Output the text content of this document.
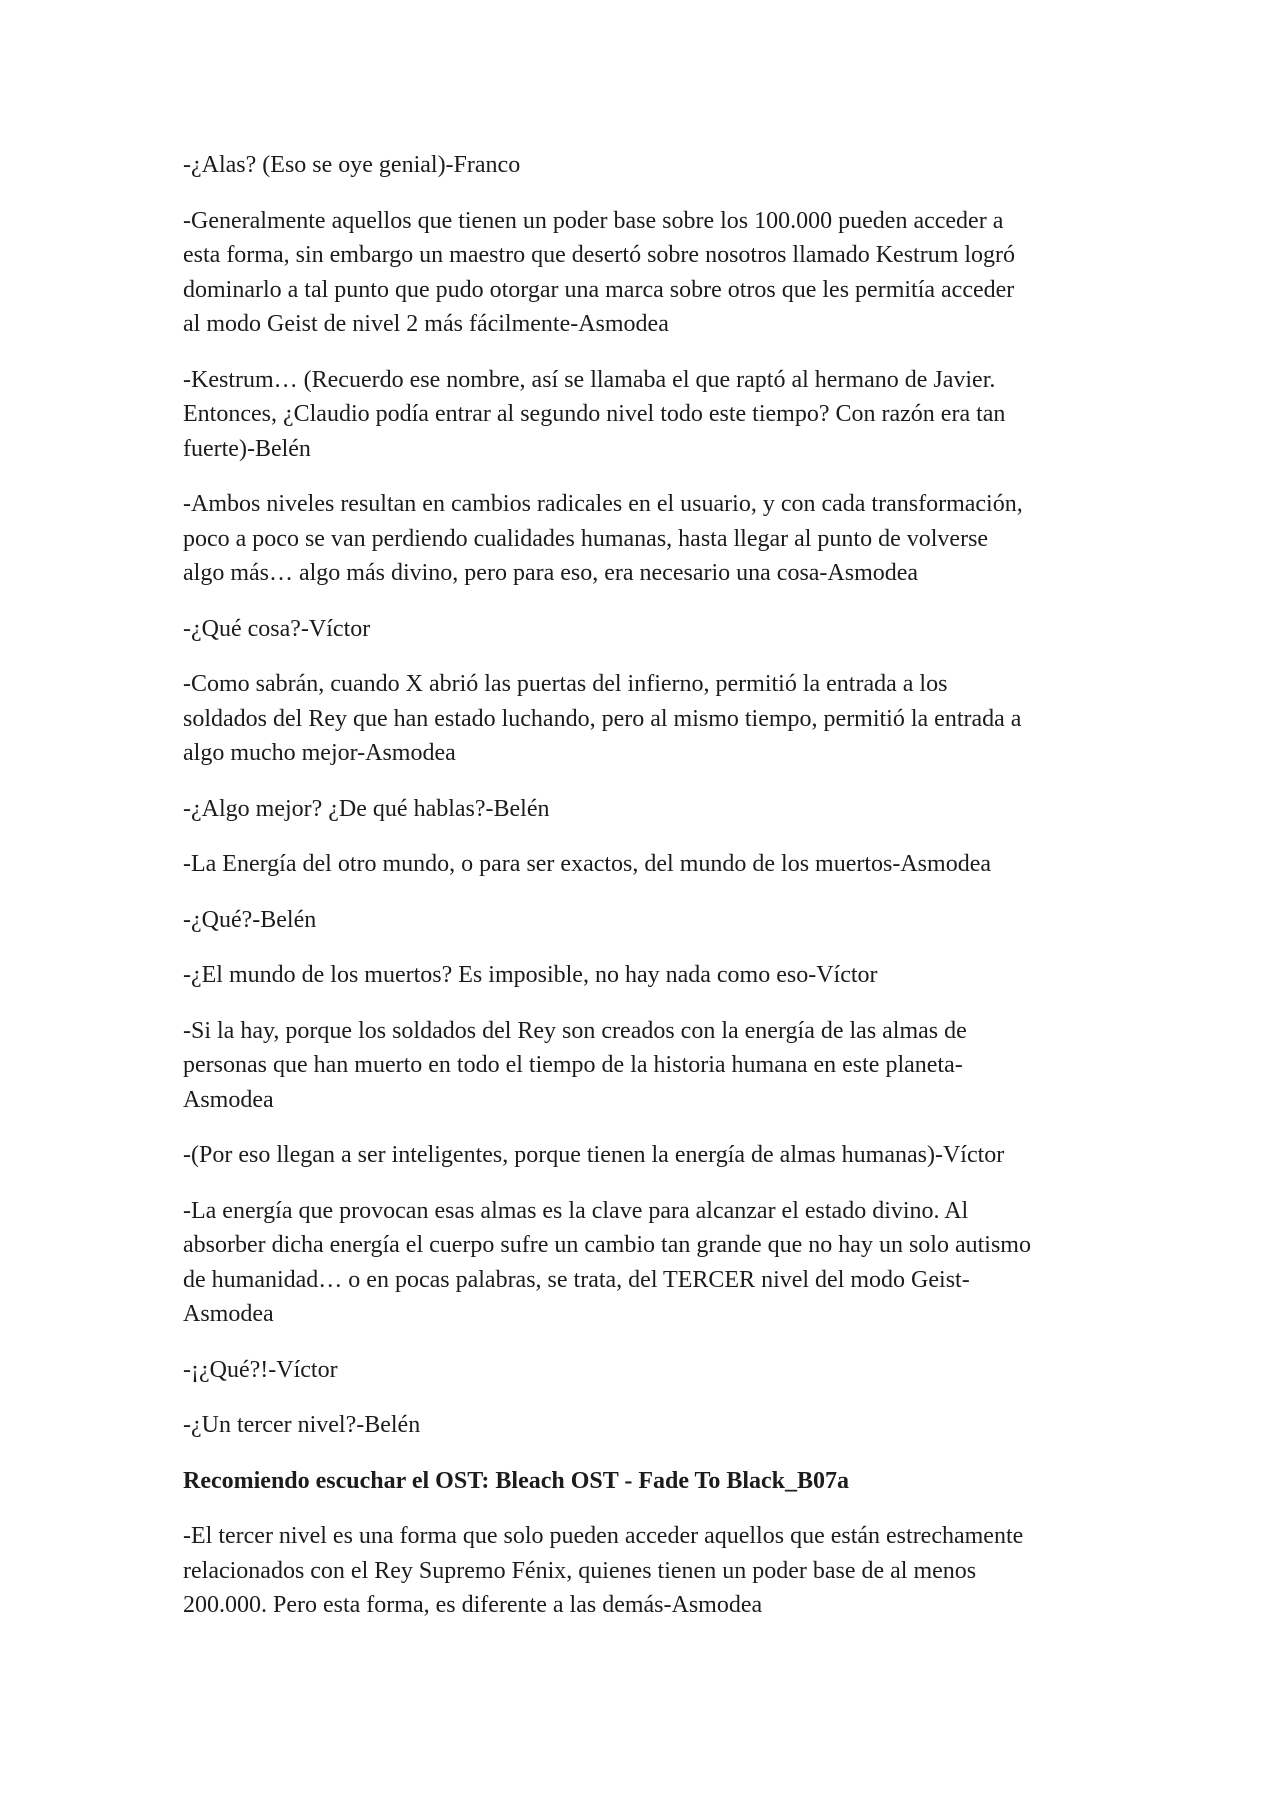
-¿Alas? (Eso se oye genial)-Franco

-Generalmente aquellos que tienen un poder base sobre los 100.000 pueden acceder a
esta forma, sin embargo un maestro que desertó sobre nosotros llamado Kestrum logró
dominarlo a tal punto que pudo otorgar una marca sobre otros que les permitía acceder
al modo Geist de nivel 2 más fácilmente-Asmodea

-Kestrum… (Recuerdo ese nombre, así se llamaba el que raptó al hermano de Javier.
Entonces, ¿Claudio podía entrar al segundo nivel todo este tiempo? Con razón era tan
fuerte)-Belén

-Ambos niveles resultan en cambios radicales en el usuario, y con cada transformación,
poco a poco se van perdiendo cualidades humanas, hasta llegar al punto de volverse
algo más… algo más divino, pero para eso, era necesario una cosa-Asmodea

-¿Qué cosa?-Víctor

-Como sabrán, cuando X abrió las puertas del infierno, permitió la entrada a los
soldados del Rey que han estado luchando, pero al mismo tiempo, permitió la entrada a
algo mucho mejor-Asmodea

-¿Algo mejor? ¿De qué hablas?-Belén

-La Energía del otro mundo, o para ser exactos, del mundo de los muertos-Asmodea

-¿Qué?-Belén

-¿El mundo de los muertos? Es imposible, no hay nada como eso-Víctor

-Si la hay, porque los soldados del Rey son creados con la energía de las almas de
personas que han muerto en todo el tiempo de la historia humana en este planeta-
Asmodea

-(Por eso llegan a ser inteligentes, porque tienen la energía de almas humanas)-Víctor

-La energía que provocan esas almas es la clave para alcanzar el estado divino. Al
absorber dicha energía el cuerpo sufre un cambio tan grande que no hay un solo autismo
de humanidad… o en pocas palabras, se trata, del TERCER nivel del modo Geist-
Asmodea

-¡¿Qué?!-Víctor

-¿Un tercer nivel?-Belén

Recomiendo escuchar el OST: Bleach OST - Fade To Black_B07a

-El tercer nivel es una forma que solo pueden acceder aquellos que están estrechamente
relacionados con el Rey Supremo Fénix, quienes tienen un poder base de al menos
200.000. Pero esta forma, es diferente a las demás-Asmodea
